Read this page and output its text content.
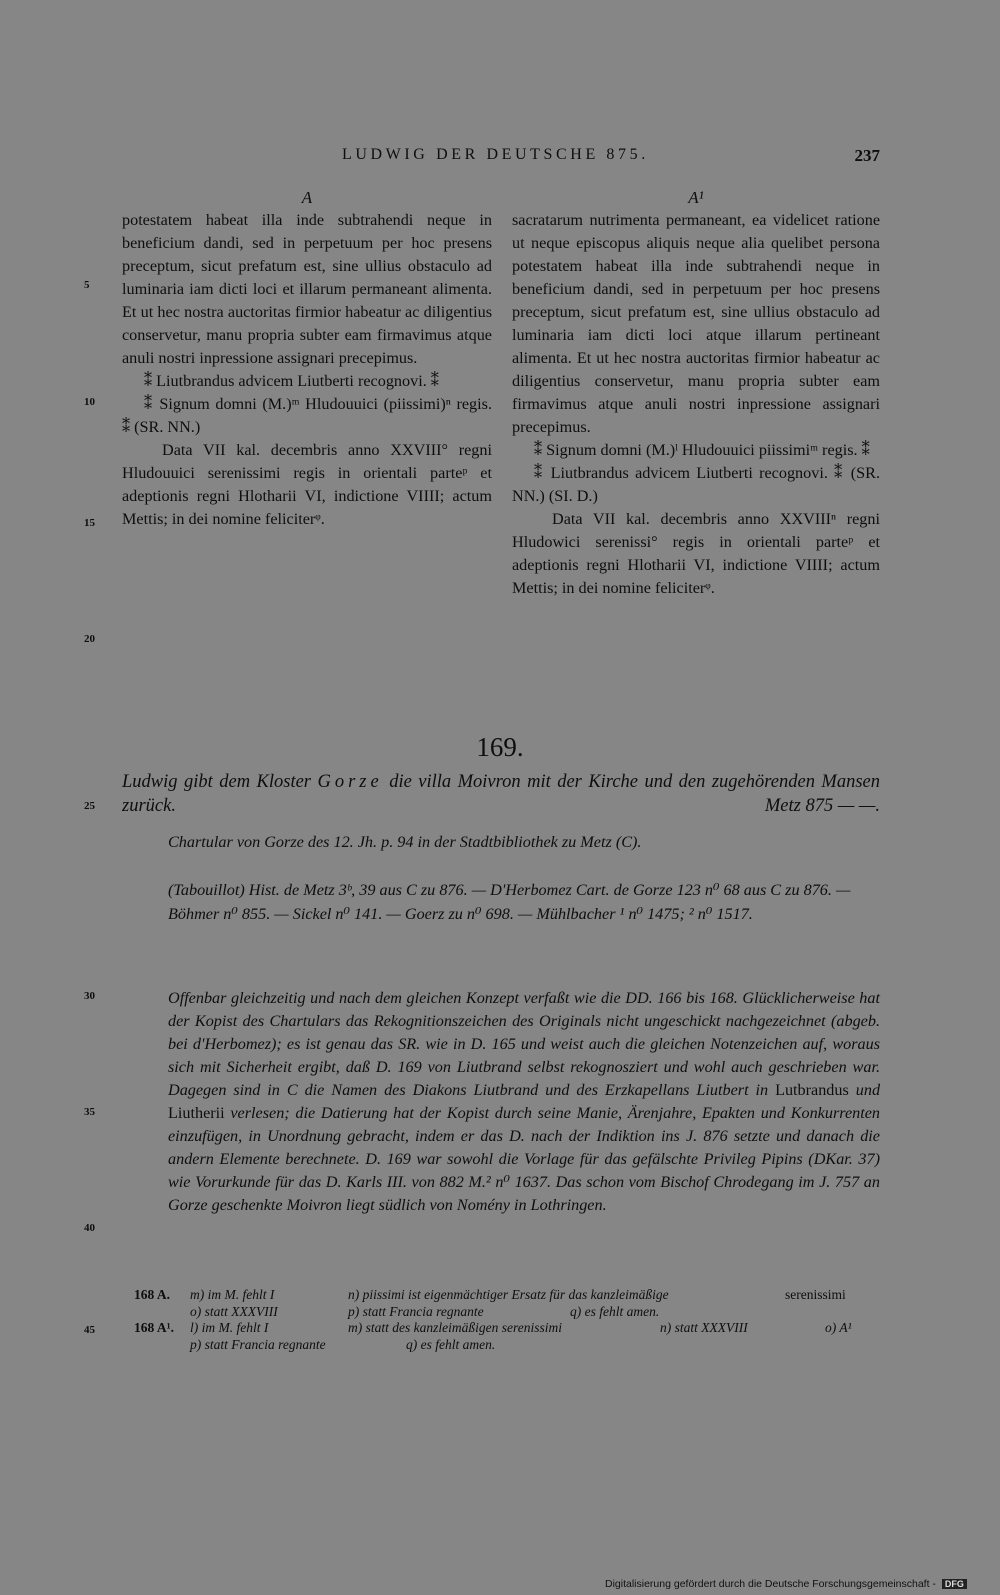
LUDWIG DER DEUTSCHE 875.	237
A

potestatem habeat illa inde subtrahendi neque in beneficium dandi, sed in perpetuum per hoc presens preceptum, sicut prefatum est, sine ullius obstaculo ad luminaria iam dicti loci et illarum permaneant alimenta. Et ut hec nostra auctoritas firmior habeatur ac diligentius conservetur, manu propria subter eam firmavimus atque anuli nostri inpressione assignari precepimus.

⁑ Liutbrandus advicem Liutberti recognovi. ⁑

⁑ Signum domni (M.)ᵐ Hludouuici (piissimi)ⁿ regis. ⁑ (SR. NN.)

Data VII kal. decembris anno XXVIII° regni Hludouuici serenissimi regis in orientali parteᵖ et adeptionis regni Hlotharii VI, indictione VIIII; actum Mettis; in dei nomine feliciterᵠ.

A¹

sacratarum nutrimenta permaneant, ea videlicet ratione ut neque episcopus aliquis neque alia quelibet persona potestatem habeat illa inde subtrahendi neque in beneficium dandi, sed in perpetuum per hoc presens preceptum, sicut prefatum est, sine ullius obstaculo ad luminaria iam dicti loci atque illarum pertineant alimenta. Et ut hec nostra auctoritas firmior habeatur ac diligentius conservetur, manu propria subter eam firmavimus atque anuli nostri inpressione assignari precepimus.

⁑ Signum domni (M.)ˡ Hludouuici piissimiᵐ regis. ⁑

⁑ Liutbrandus advicem Liutberti recognovi. ⁑ (SR. NN.) (SI. D.)

Data VII kal. decembris anno XXVIIIⁿ regni Hludowici serenissi° regis in orientali parteᵖ et adeptionis regni Hlotharii VI, indictione VIIII; actum Mettis; in dei nomine feliciterᵠ.

5
10
15
20
25
30
35
40
45
169.
Ludwig gibt dem Kloster Gorze die villa Moivron mit der Kirche und den zugehörenden Mansen zurück.	Metz 875 — —.
Chartular von Gorze des 12. Jh. p. 94 in der Stadtbibliothek zu Metz (C).
(Tabouillot) Hist. de Metz 3ᵇ, 39 aus C zu 876. — D'Herbomez Cart. de Gorze 123 n⁰ 68 aus C zu 876. — Böhmer n⁰ 855. — Sickel n⁰ 141. — Goerz zu n⁰ 698. — Mühlbacher ¹ n⁰ 1475; ² n⁰ 1517.
Offenbar gleichzeitig und nach dem gleichen Konzept verfaßt wie die DD. 166 bis 168. Glücklicherweise hat der Kopist des Chartulars das Rekognitionszeichen des Originals nicht ungeschickt nachgezeichnet (abgeb. bei d'Herbomez); es ist genau das SR. wie in D. 165 und weist auch die gleichen Notenzeichen auf, woraus sich mit Sicherheit ergibt, daß D. 169 von Liutbrand selbst rekognosziert und wohl auch geschrieben war. Dagegen sind in C die Namen des Diakons Liutbrand und des Erzkapellans Liutbert in Lutbrandus und Liutherii verlesen; die Datierung hat der Kopist durch seine Manie, Ärenjahre, Epakten und Konkurrenten einzufügen, in Unordnung gebracht, indem er das D. nach der Indiktion ins J. 876 setzte und danach die andern Elemente berechnete. D. 169 war sowohl die Vorlage für das gefälschte Privileg Pipins (DKar. 37) wie Vorurkunde für das D. Karls III. von 882 M.² n⁰ 1637. Das schon vom Bischof Chrodegang im J. 757 an Gorze geschenkte Moivron liegt südlich von Nomény in Lothringen.
168 A. m) im M. fehlt I	n) piissimi ist eigenmächtiger Ersatz für das kanzleimäßige	serenissimi
o) statt XXXVIII	p) statt Francia regnante	q) es fehlt amen.
168 A¹. l) im M. fehlt I	m) statt des kanzleimäßigen serenissimi	n) statt XXXVIII	o) A¹
p) statt Francia regnante	q) es fehlt amen.
Digitalisierung gefördert durch die Deutsche Forschungsgemeinschaft - DFG
